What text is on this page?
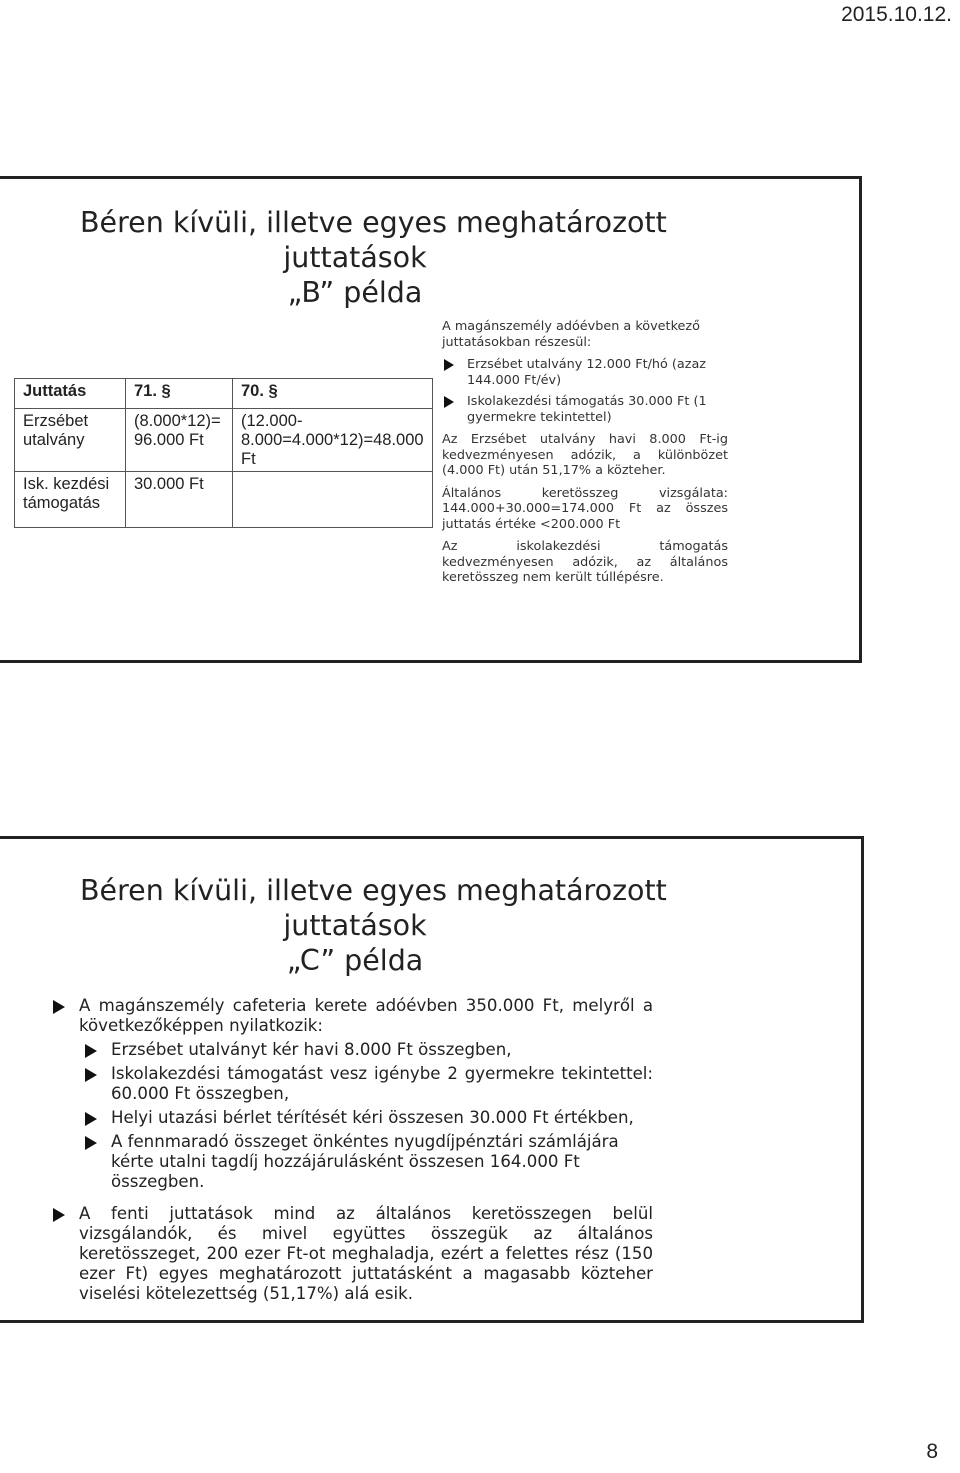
2015.10.12.
Béren kívüli, illetve egyes meghatározott
juttatások
„B” példa
Juttatás	71. §	70. §
Erzsébet utalvány	(8.000*12)= 96.000 Ft	(12.000-8.000=4.000*12)=48.000 Ft
Isk. kezdési támogatás	30.000 Ft	

A magánszemély adóévben a következő juttatásokban részesül:

Erzsébet utalvány 12.000 Ft/hó (azaz 144.000 Ft/év)
Iskolakezdési támogatás 30.000 Ft (1 gyermekre tekintettel)

Az Erzsébet utalvány havi 8.000 Ft-ig kedvezményesen adózik, a különbözet (4.000 Ft) után 51,17% a közteher.

Általános keretösszeg vizsgálata: 144.000+30.000=174.000 Ft az összes juttatás értéke <200.000 Ft

Az iskolakezdési támogatás kedvezményesen adózik, az általános keretösszeg nem került túllépésre.

Béren kívüli, illetve egyes meghatározott
juttatások
„C” példa
A magánszemély cafeteria kerete adóévben 350.000 Ft, melyről a következőképpen nyilatkozik:
Erzsébet utalványt kér havi 8.000 Ft összegben,
Iskolakezdési támogatást vesz igénybe 2 gyermekre tekintettel: 60.000 Ft összegben,
Helyi utazási bérlet térítését kéri összesen 30.000 Ft értékben,
A fennmaradó összeget önkéntes nyugdíjpénztári számlájára kérte utalni tagdíj hozzájárulásként összesen 164.000 Ft összegben.
A fenti juttatások mind az általános keretösszegen belül vizsgálandók, és mivel együttes összegük az általános keretösszeget, 200 ezer Ft-ot meghaladja, ezért a felettes rész (150 ezer Ft) egyes meghatározott juttatásként a magasabb közteher viselési kötelezettség (51,17%) alá esik.
8
